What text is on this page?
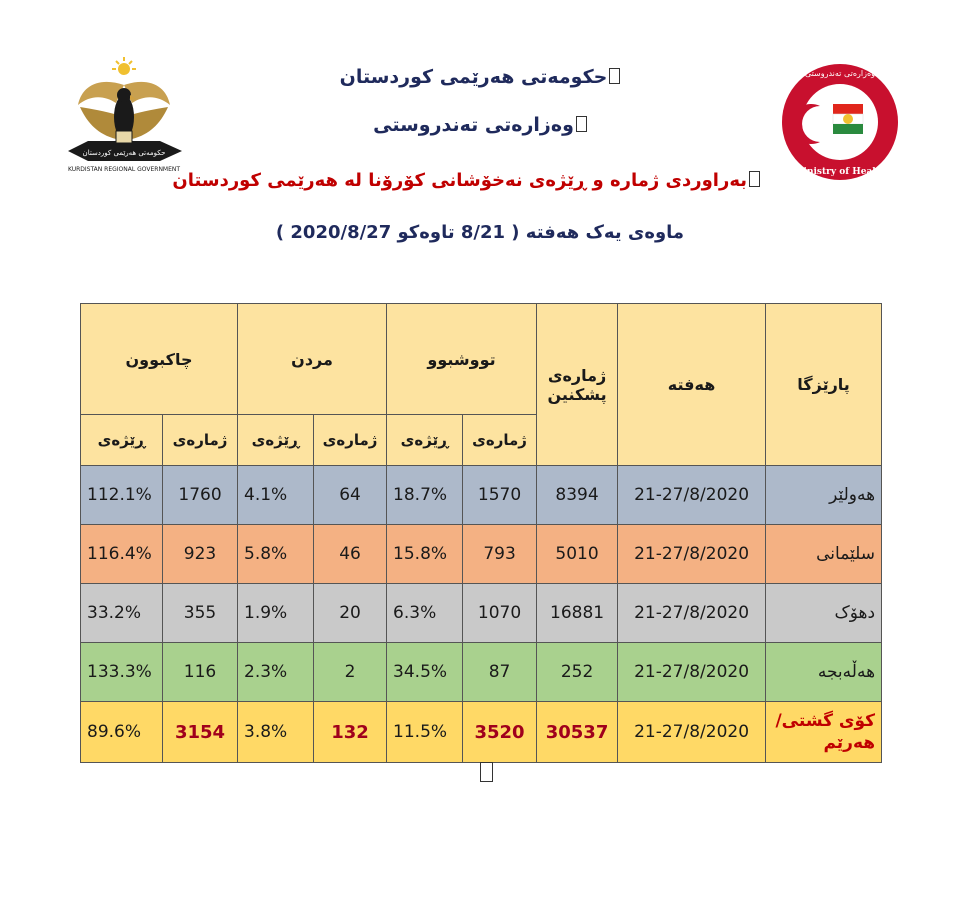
حكومەتی هەرێمی كوردستان
KURDISTAN REGIONAL GOVERNMENT
وەزارەتی تەندروستی
Ministry of Health
حکومەتی هەرێمی کوردستان
وەزارەتی تەندروستی
بەراوردی ژمارە و ڕێژەی نەخۆشانی کۆرۆنا لە هەرێمی کوردستان
ماوەی یەک هەفتە ( 8/21 تاوەکو 2020/8/27 )
چاکبوون		مردن		تووشبوو		ژمارەی پشکنین	هەفتە	پارێزگا
ڕێژەی	ژمارەی	ڕێژەی	ژمارەی	ڕێژەی	ژمارەی			
112.1%	1760	4.1%	64	18.7%	1570	8394	21-27/8/2020	هەولێر
116.4%	923	5.8%	46	15.8%	793	5010	21-27/8/2020	سلێمانی
33.2%	355	1.9%	20	6.3%	1070	16881	21-27/8/2020	دهۆک
133.3%	116	2.3%	2	34.5%	87	252	21-27/8/2020	هەڵەبجە
89.6%	3154	3.8%	132	11.5%	3520	30537	21-27/8/2020	کۆی گشتی/ هەرێم
